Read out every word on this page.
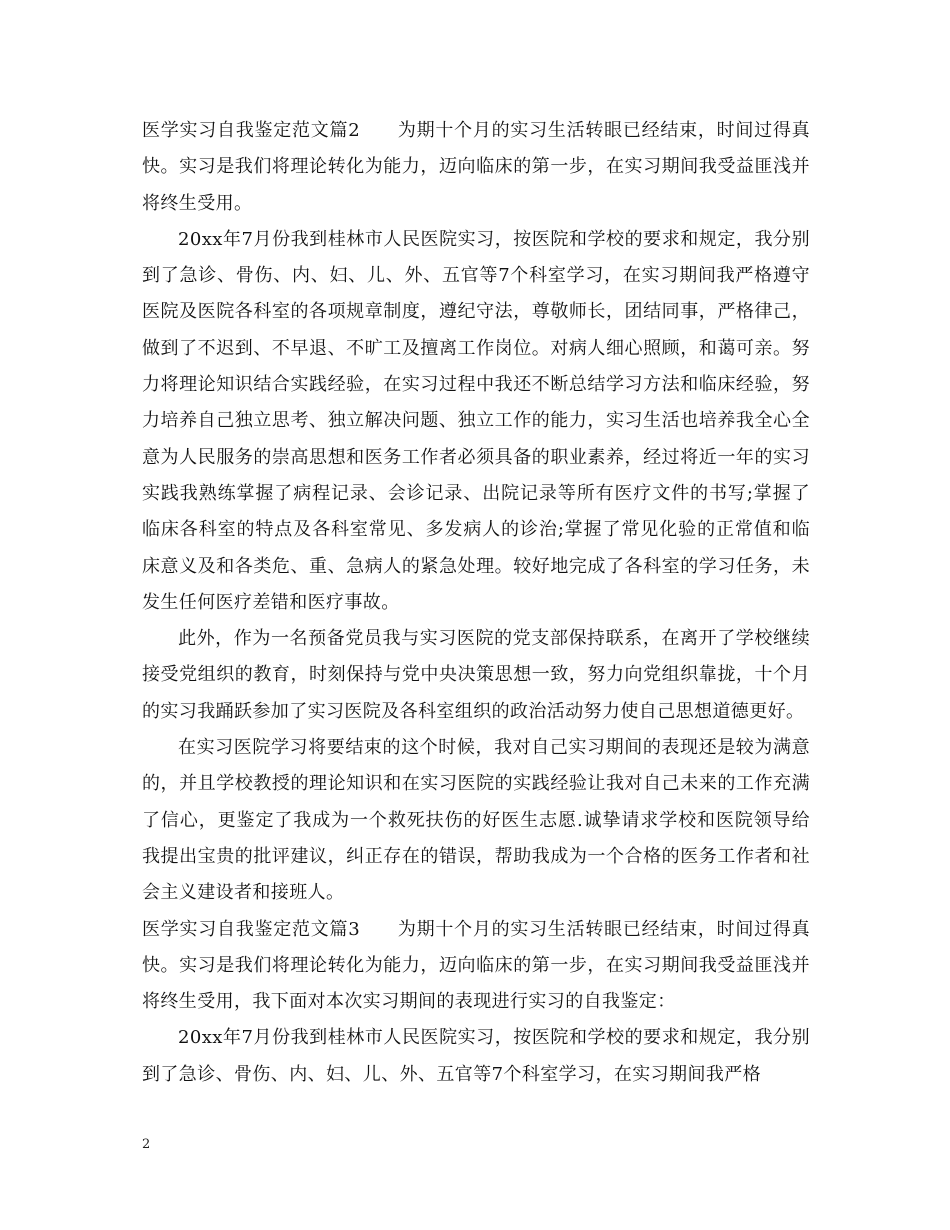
医学实习自我鉴定范文篇2　　为期十个月的实习生活转眼已经结束，时间过得真快。实习是我们将理论转化为能力，迈向临床的第一步，在实习期间我受益匪浅并将终生受用。

20xx年7月份我到桂林市人民医院实习，按医院和学校的要求和规定，我分别到了急诊、骨伤、内、妇、儿、外、五官等7个科室学习，在实习期间我严格遵守医院及医院各科室的各项规章制度，遵纪守法，尊敬师长，团结同事，严格律己，做到了不迟到、不早退、不旷工及擅离工作岗位。对病人细心照顾，和蔼可亲。努力将理论知识结合实践经验，在实习过程中我还不断总结学习方法和临床经验，努力培养自己独立思考、独立解决问题、独立工作的能力，实习生活也培养我全心全意为人民服务的崇高思想和医务工作者必须具备的职业素养，经过将近一年的实习实践我熟练掌握了病程记录、会诊记录、出院记录等所有医疗文件的书写;掌握了临床各科室的特点及各科室常见、多发病人的诊治;掌握了常见化验的正常值和临床意义及和各类危、重、急病人的紧急处理。较好地完成了各科室的学习任务，未发生任何医疗差错和医疗事故。

此外，作为一名预备党员我与实习医院的党支部保持联系，在离开了学校继续接受党组织的教育，时刻保持与党中央决策思想一致，努力向党组织靠拢，十个月的实习我踊跃参加了实习医院及各科室组织的政治活动努力使自己思想道德更好。

在实习医院学习将要结束的这个时候，我对自己实习期间的表现还是较为满意的，并且学校教授的理论知识和在实习医院的实践经验让我对自己未来的工作充满了信心，更鉴定了我成为一个救死扶伤的好医生志愿.诚挚请求学校和医院领导给我提出宝贵的批评建议，纠正存在的错误，帮助我成为一个合格的医务工作者和社会主义建设者和接班人。

医学实习自我鉴定范文篇3　　为期十个月的实习生活转眼已经结束，时间过得真快。实习是我们将理论转化为能力，迈向临床的第一步，在实习期间我受益匪浅并将终生受用，我下面对本次实习期间的表现进行实习的自我鉴定：

20xx年7月份我到桂林市人民医院实习，按医院和学校的要求和规定，我分别到了急诊、骨伤、内、妇、儿、外、五官等7个科室学习，在实习期间我严格

2
